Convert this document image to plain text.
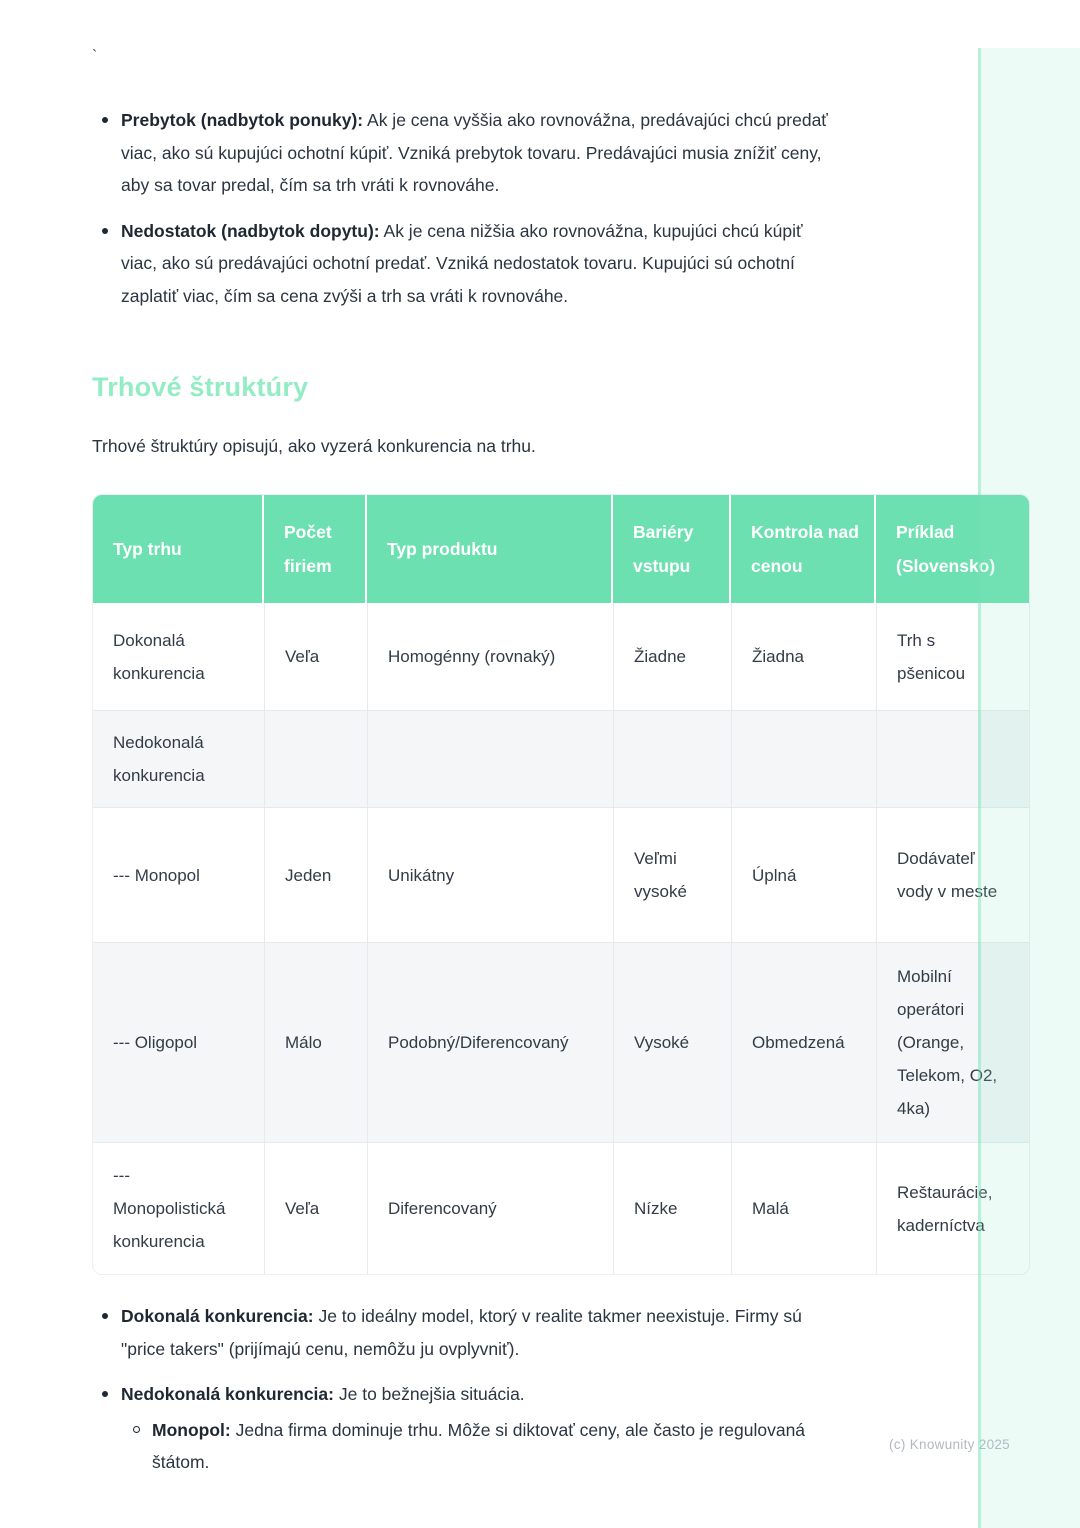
`
Prebytok (nadbytok ponuky): Ak je cena vyššia ako rovnovážna, predávajúci chcú predať viac, ako sú kupujúci ochotní kúpiť. Vzniká prebytok tovaru. Predávajúci musia znížiť ceny, aby sa tovar predal, čím sa trh vráti k rovnováhe.
Nedostatok (nadbytok dopytu): Ak je cena nižšia ako rovnovážna, kupujúci chcú kúpiť viac, ako sú predávajúci ochotní predať. Vzniká nedostatok tovaru. Kupujúci sú ochotní zaplatiť viac, čím sa cena zvýši a trh sa vráti k rovnováhe.
Trhové štruktúry

Trhové štruktúry opisujú, ako vyzerá konkurencia na trhu.

Typ trhu	Počet firiem	Typ produktu	Bariéry vstupu	Kontrola nad cenou	Príklad (Slovensko)
Dokonalá konkurencia	Veľa	Homogénny (rovnaký)	Žiadne	Žiadna	Trh s pšenicou
Nedokonalá konkurencia					
--- Monopol	Jeden	Unikátny	Veľmi vysoké	Úplná	Dodávateľ vody v meste
--- Oligopol	Málo	Podobný/Diferencovaný	Vysoké	Obmedzená	Mobilní operátori (Orange, Telekom, O2, 4ka)
--- Monopolistická konkurencia	Veľa	Diferencovaný	Nízke	Malá	Reštaurácie, kaderníctva
Dokonalá konkurencia: Je to ideálny model, ktorý v realite takmer neexistuje. Firmy sú "price takers" (prijímajú cenu, nemôžu ju ovplyvniť).
Nedokonalá konkurencia: Je to bežnejšia situácia.
Monopol: Jedna firma dominuje trhu. Môže si diktovať ceny, ale často je regulovaná štátom.
(c) Knowunity 2025
